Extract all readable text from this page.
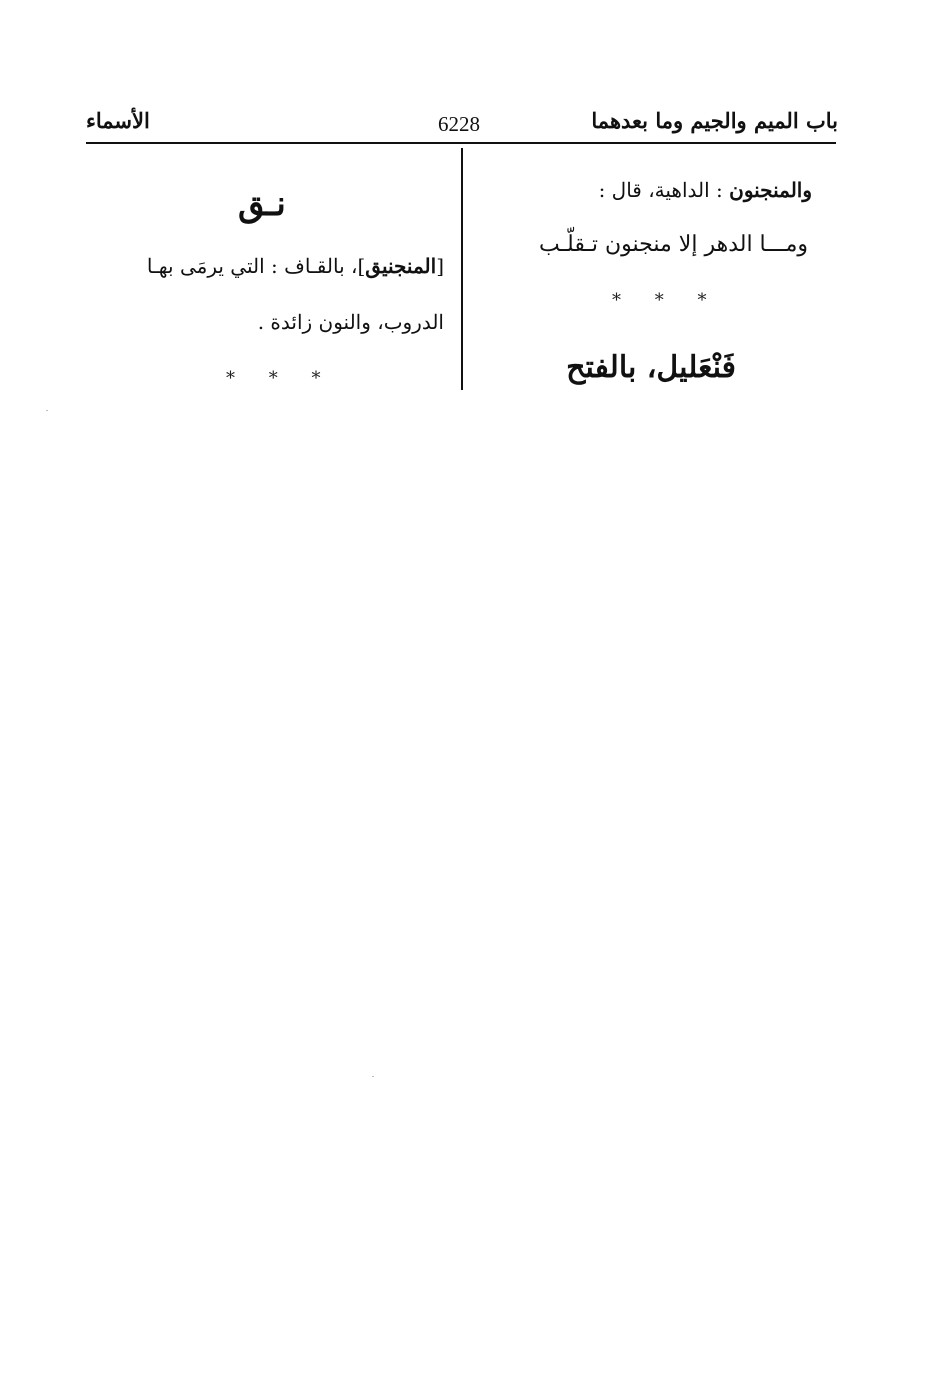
باب الميم والجيم وما بعدهما
6228
الأسماء
والمنجنون : الداهية، قال :
ومـــا الدهر إلا منجنون تـقلّـب
* * *
فَنْعَليل، بالفتح
نـق
[المنجنيق]، بالقـاف : التي يرمَى بهـا
الدروب، والنون زائدة .
* * *
